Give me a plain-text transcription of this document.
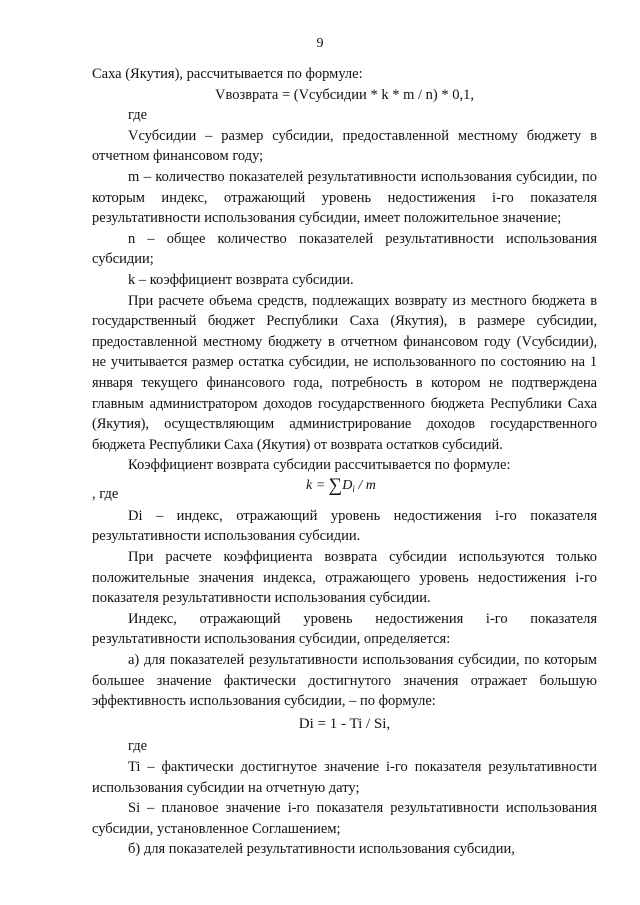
9

Саха (Якутия), рассчитывается по формуле:

Vвозврата = (Vсубсидии * k * m / n) * 0,1,

где

Vсубсидии – размер субсидии, предоставленной местному бюджету в отчетном финансовом году;

m – количество показателей результативности использования субсидии, по которым индекс, отражающий уровень недостижения i-го показателя результативности использования субсидии, имеет положительное значение;

n – общее количество показателей результативности использования субсидии;

k – коэффициент возврата субсидии.

При расчете объема средств, подлежащих возврату из местного бюджета в государственный бюджет Республики Саха (Якутия), в размере субсидии, предоставленной местному бюджету в отчетном финансовом году (Vсубсидии), не учитывается размер остатка субсидии, не использованного по состоянию на 1 января текущего финансового года, потребность в котором не подтверждена главным администратором доходов государственного бюджета Республики Саха (Якутия), осуществляющим администрирование доходов государственного бюджета Республики Саха (Якутия) от возврата остатков субсидий.

Коэффициент возврата субсидии рассчитывается по формуле:

, где
$k = \sum D_i / m$

Di – индекс, отражающий уровень недостижения i-го показателя результативности использования субсидии.

При расчете коэффициента возврата субсидии используются только положительные значения индекса, отражающего уровень недостижения i-го показателя результативности использования субсидии.

Индекс, отражающий уровень недостижения i-го показателя результативности использования субсидии, определяется:

а) для показателей результативности использования субсидии, по которым большее значение фактически достигнутого значения отражает большую эффективность использования субсидии, – по формуле:

Di = 1 - Ti / Si,

где

Ti – фактически достигнутое значение i-го показателя результативности использования субсидии на отчетную дату;

Si – плановое значение i-го показателя результативности использования субсидии, установленное Соглашением;

б) для показателей результативности использования субсидии,
